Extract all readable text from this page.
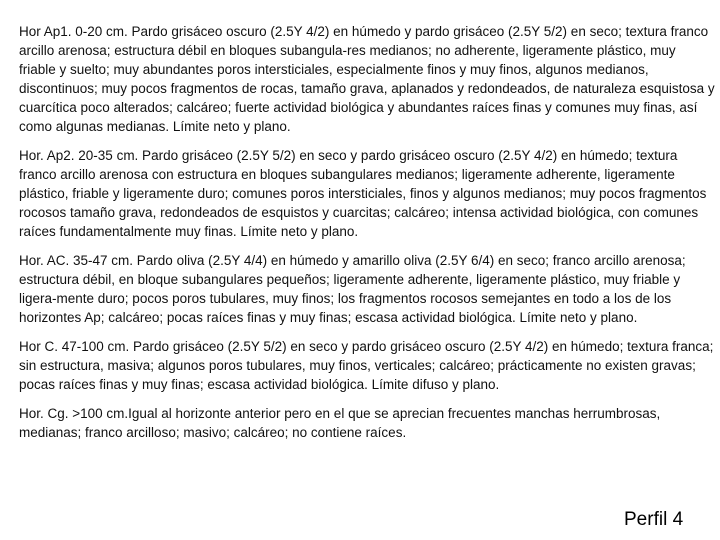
Hor Ap1. 0-20 cm. Pardo grisáceo oscuro (2.5Y 4/2) en húmedo y pardo grisáceo (2.5Y 5/2) en seco; textura franco arcillo arenosa; estructura débil en bloques subangula-res medianos; no adherente, ligeramente plástico, muy friable y suelto; muy abundantes poros intersticiales, especialmente finos y muy finos, algunos medianos, discontinuos; muy pocos fragmentos de rocas, tamaño grava, aplanados y redondeados, de naturaleza esquistosa y cuarcítica poco alterados; calcáreo; fuerte actividad biológica y abundantes raíces finas y comunes muy finas, así como algunas medianas. Límite neto y plano.

Hor. Ap2. 20-35 cm. Pardo grisáceo (2.5Y 5/2) en seco y pardo grisáceo oscuro (2.5Y 4/2) en húmedo; textura franco arcillo arenosa con estructura en bloques subangulares medianos; ligeramente adherente, ligeramente plástico, friable y ligeramente duro; comunes poros intersticiales, finos y algunos medianos; muy pocos fragmentos rocosos tamaño grava, redondeados de esquistos y cuarcitas; calcáreo; intensa actividad biológica, con comunes raíces fundamentalmente muy finas. Límite neto y plano.

Hor. AC. 35-47 cm. Pardo oliva (2.5Y 4/4) en húmedo y amarillo oliva (2.5Y 6/4) en seco; franco arcillo arenosa; estructura débil, en bloque subangulares pequeños; ligeramente adherente, ligeramente plástico, muy friable y ligera-mente duro; pocos poros tubulares, muy finos; los fragmentos rocosos semejantes en todo a los de los horizontes Ap; calcáreo; pocas raíces finas y muy finas; escasa actividad biológica. Límite neto y plano.

Hor C. 47-100 cm. Pardo grisáceo (2.5Y 5/2) en seco y pardo grisáceo oscuro (2.5Y 4/2) en húmedo; textura franca; sin estructura, masiva; algunos poros tubulares, muy finos, verticales; calcáreo; prácticamente no existen gravas; pocas raíces finas y muy finas; escasa actividad biológica. Límite difuso y plano.

Hor. Cg. >100 cm.Igual al horizonte anterior pero en el que se aprecian frecuentes manchas herrumbrosas, medianas; franco arcilloso; masivo; calcáreo; no contiene raíces.

Perfil 4
